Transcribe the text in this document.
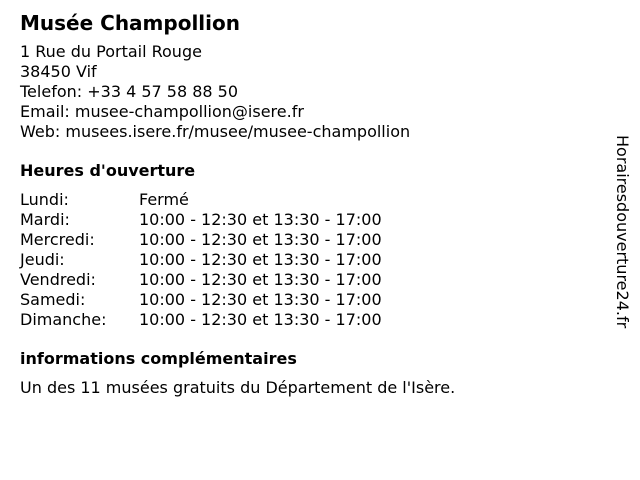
Musée Champollion
1 Rue du Portail Rouge
38450 Vif
Telefon: +33 4 57 58 88 50
Email: musee-champollion@isere.fr
Web: musees.isere.fr/musee/musee-champollion
Heures d'ouverture
Lundi:	Fermé
Mardi:	10:00 - 12:30 et 13:30 - 17:00
Mercredi:	10:00 - 12:30 et 13:30 - 17:00
Jeudi:	10:00 - 12:30 et 13:30 - 17:00
Vendredi:	10:00 - 12:30 et 13:30 - 17:00
Samedi:	10:00 - 12:30 et 13:30 - 17:00
Dimanche:	10:00 - 12:30 et 13:30 - 17:00
informations complémentaires
Un des 11 musées gratuits du Département de l'Isère.
Horairesdouverture24.fr
